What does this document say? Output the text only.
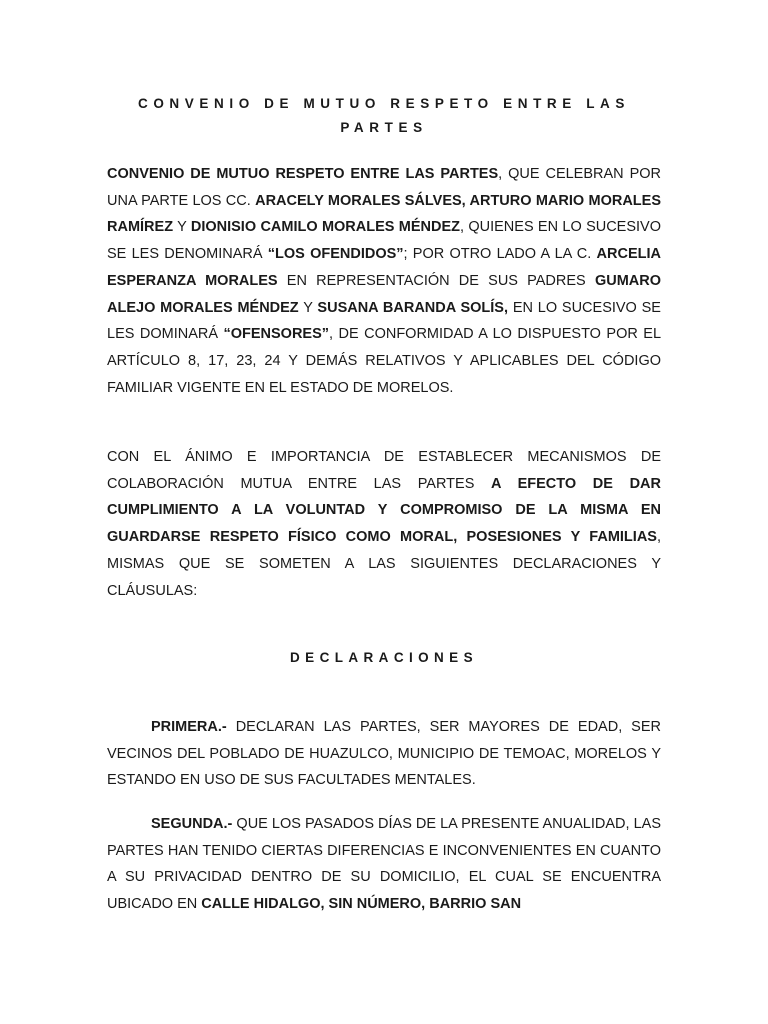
CONVENIO DE MUTUO RESPETO ENTRE LAS PARTES

CONVENIO DE MUTUO RESPETO ENTRE LAS PARTES, QUE CELEBRAN POR UNA PARTE LOS CC. ARACELY MORALES SÁLVES, ARTURO MARIO MORALES RAMÍREZ Y DIONISIO CAMILO MORALES MÉNDEZ, QUIENES EN LO SUCESIVO SE LES DENOMINARÁ “LOS OFENDIDOS”; POR OTRO LADO A LA C. ARCELIA ESPERANZA MORALES EN REPRESENTACIÓN DE SUS PADRES GUMARO ALEJO MORALES MÉNDEZ Y SUSANA BARANDA SOLÍS, EN LO SUCESIVO SE LES DOMINARÁ “OFENSORES”, DE CONFORMIDAD A LO DISPUESTO POR EL ARTÍCULO 8, 17, 23, 24 Y DEMÁS RELATIVOS Y APLICABLES DEL CÓDIGO FAMILIAR VIGENTE EN EL ESTADO DE MORELOS.

CON EL ÁNIMO E IMPORTANCIA DE ESTABLECER MECANISMOS DE COLABORACIÓN MUTUA ENTRE LAS PARTES A EFECTO DE DAR CUMPLIMIENTO A LA VOLUNTAD Y COMPROMISO DE LA MISMA EN GUARDARSE RESPETO FÍSICO COMO MORAL, POSESIONES Y FAMILIAS, MISMAS QUE SE SOMETEN A LAS SIGUIENTES DECLARACIONES Y CLÁUSULAS:

DECLARACIONES

PRIMERA.- DECLARAN LAS PARTES, SER MAYORES DE EDAD, SER VECINOS DEL POBLADO DE HUAZULCO, MUNICIPIO DE TEMOAC, MORELOS Y ESTANDO EN USO DE SUS FACULTADES MENTALES.

SEGUNDA.- QUE LOS PASADOS DÍAS DE LA PRESENTE ANUALIDAD, LAS PARTES HAN TENIDO CIERTAS DIFERENCIAS E INCONVENIENTES EN CUANTO A SU PRIVACIDAD DENTRO DE SU DOMICILIO, EL CUAL SE ENCUENTRA UBICADO EN CALLE HIDALGO, SIN NÚMERO, BARRIO SAN
